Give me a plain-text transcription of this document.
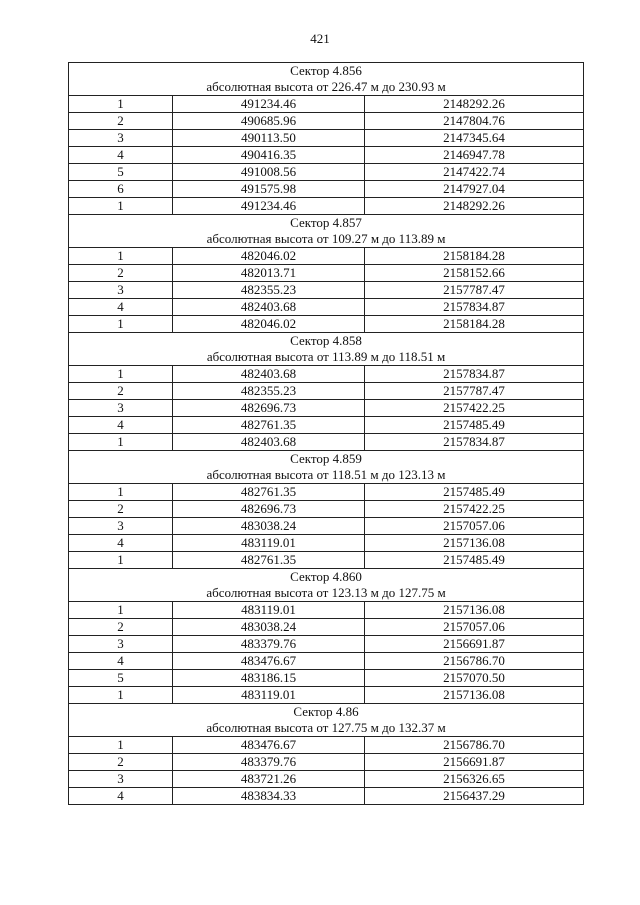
421
Сектор 4.856		
абсолютная высота от 226.47 м до 230.93 м		
1	491234.46	2148292.26
2	490685.96	2147804.76
3	490113.50	2147345.64
4	490416.35	2146947.78
5	491008.56	2147422.74
6	491575.98	2147927.04
1	491234.46	2148292.26
Сектор 4.857		
абсолютная высота от 109.27 м до 113.89 м		
1	482046.02	2158184.28
2	482013.71	2158152.66
3	482355.23	2157787.47
4	482403.68	2157834.87
1	482046.02	2158184.28
Сектор 4.858		
абсолютная высота от 113.89 м до 118.51 м		
1	482403.68	2157834.87
2	482355.23	2157787.47
3	482696.73	2157422.25
4	482761.35	2157485.49
1	482403.68	2157834.87
Сектор 4.859		
абсолютная высота от 118.51 м до 123.13 м		
1	482761.35	2157485.49
2	482696.73	2157422.25
3	483038.24	2157057.06
4	483119.01	2157136.08
1	482761.35	2157485.49
Сектор 4.860		
абсолютная высота от 123.13 м до 127.75 м		
1	483119.01	2157136.08
2	483038.24	2157057.06
3	483379.76	2156691.87
4	483476.67	2156786.70
5	483186.15	2157070.50
1	483119.01	2157136.08
Сектор 4.86		
абсолютная высота от 127.75 м до 132.37 м		
1	483476.67	2156786.70
2	483379.76	2156691.87
3	483721.26	2156326.65
4	483834.33	2156437.29
